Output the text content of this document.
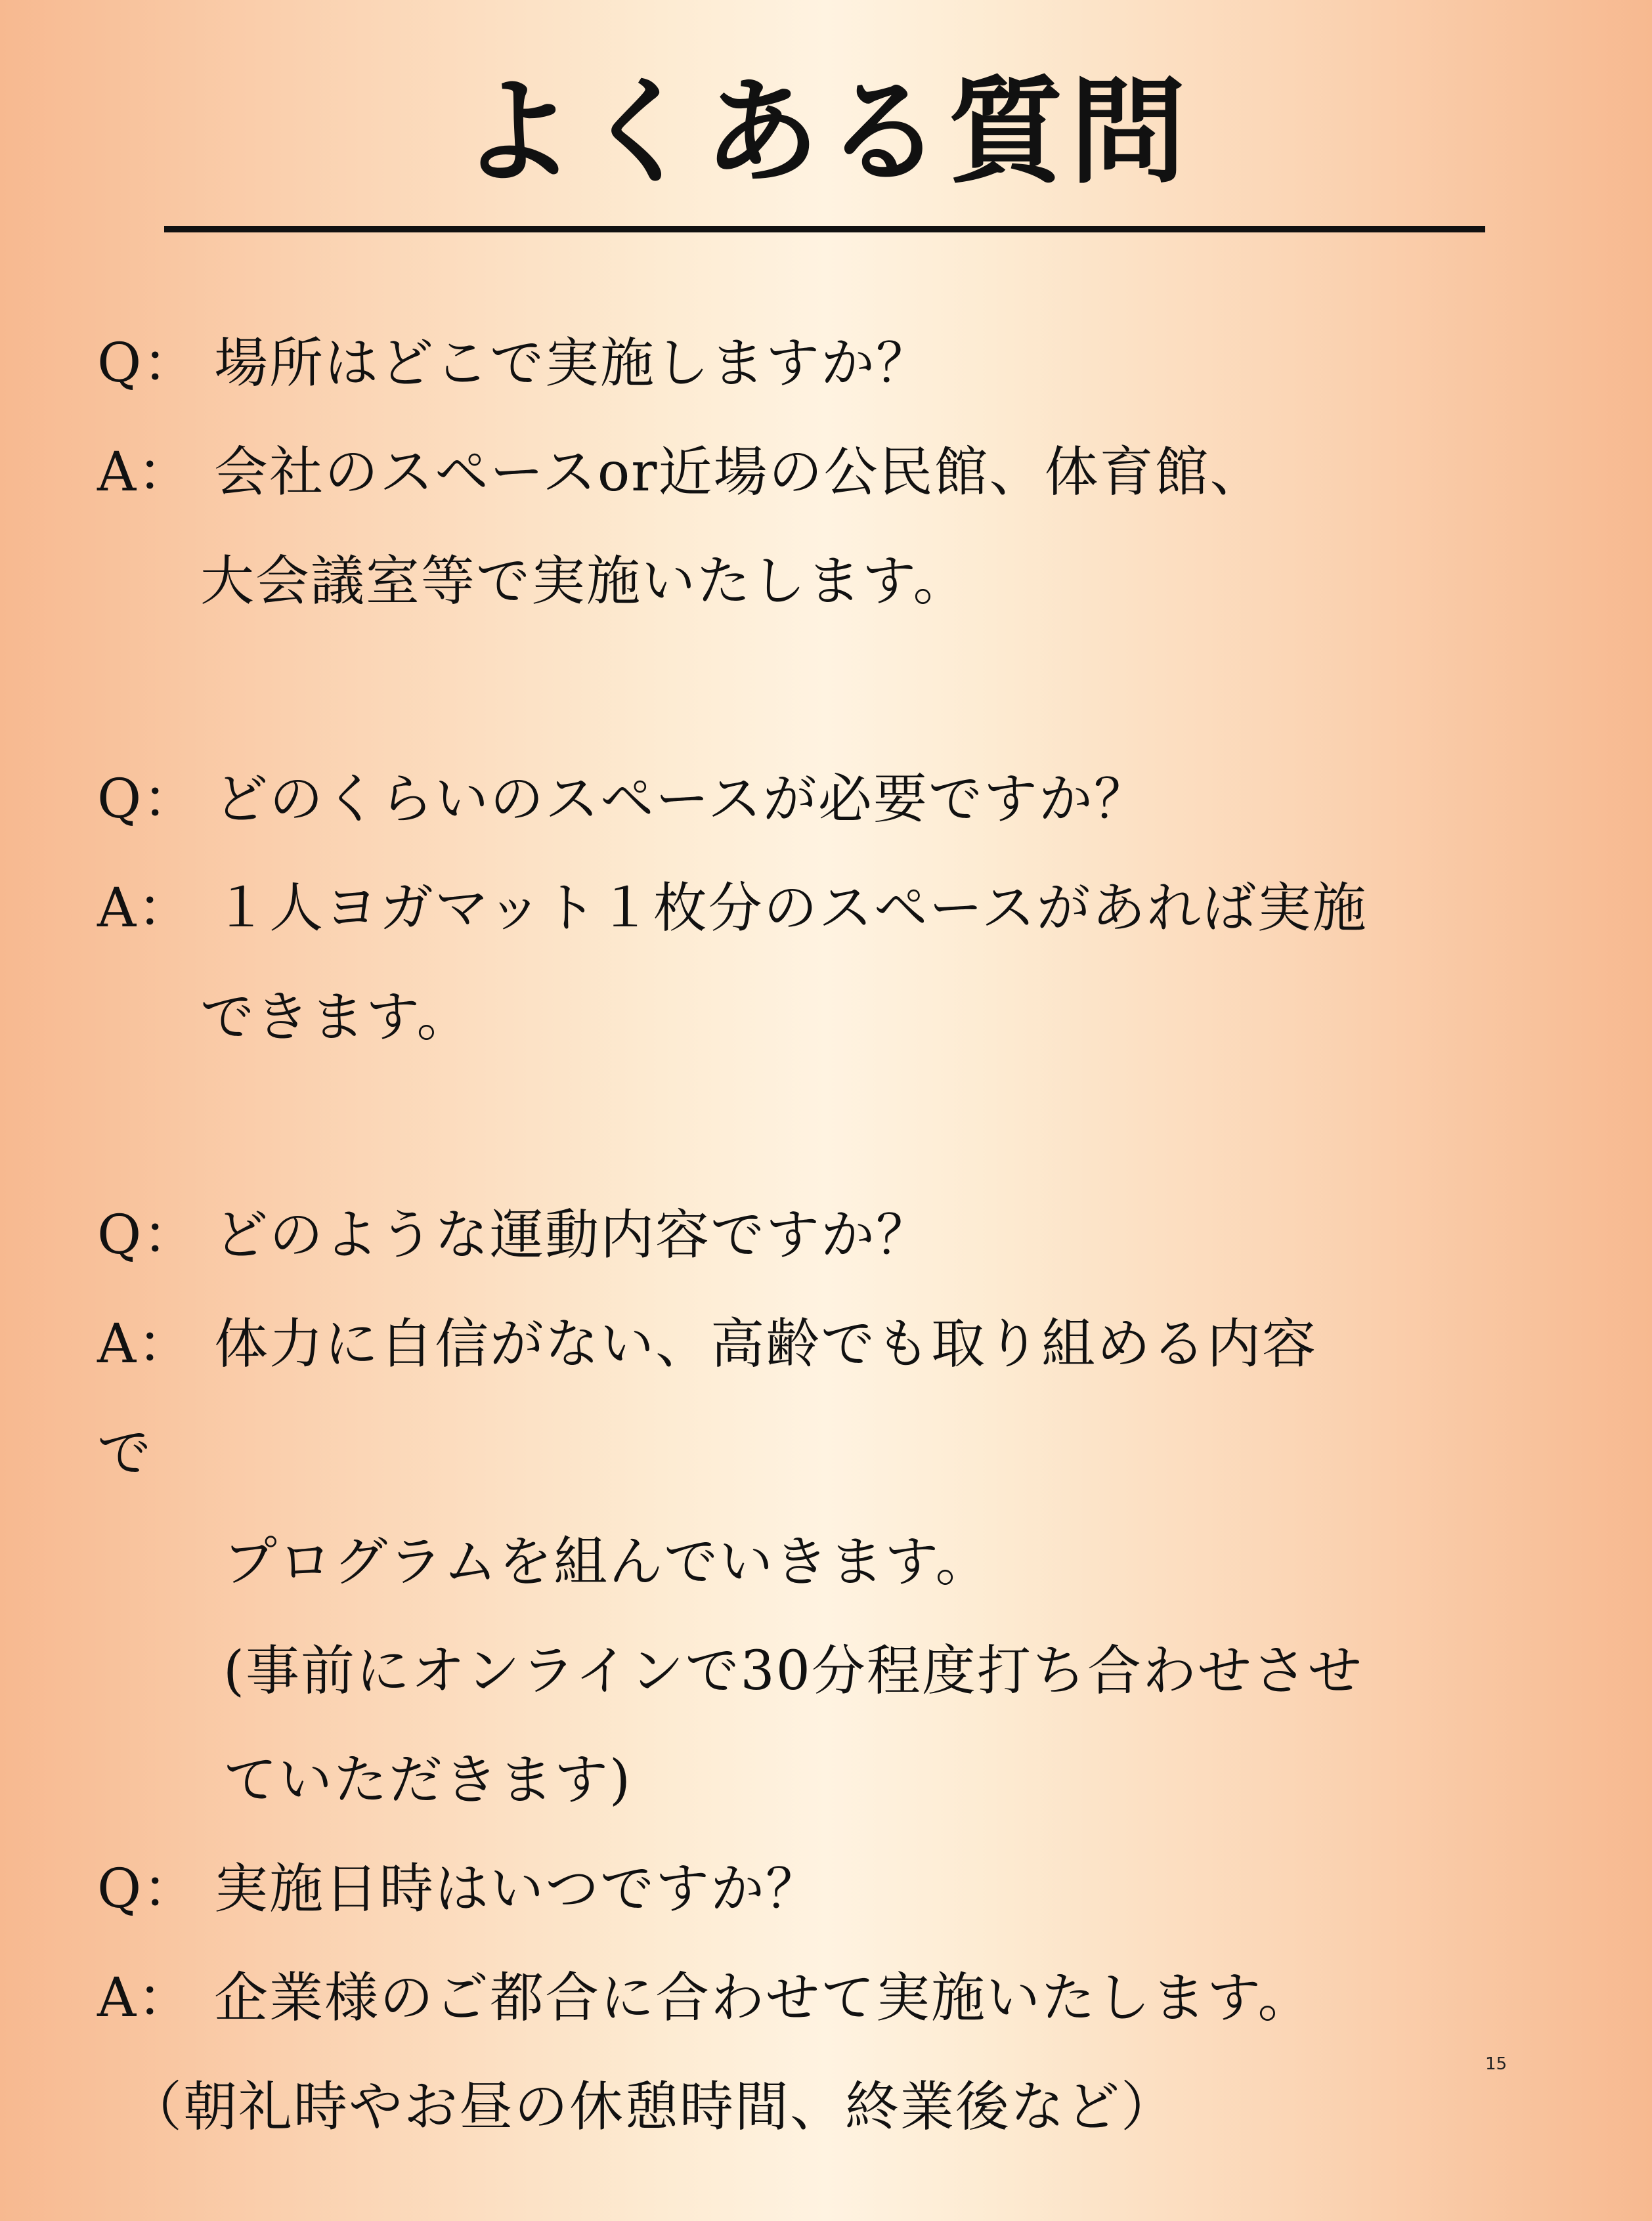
よくある質問
Q： 場所はどこで実施しますか？
A： 会社のスペースor近場の公民館、体育館、
大会議室等で実施いたします。
Q： どのくらいのスペースが必要ですか？
A： １人ヨガマット１枚分のスペースがあれば実施
できます。
Q： どのような運動内容ですか？
A： 体力に自信がない、高齢でも取り組める内容
で
プログラムを組んでいきます。
(事前にオンラインで30分程度打ち合わせさせ
ていただきます)
Q： 実施日時はいつですか？
A： 企業様のご都合に合わせて実施いたします。
（朝礼時やお昼の休憩時間、終業後など）
15
